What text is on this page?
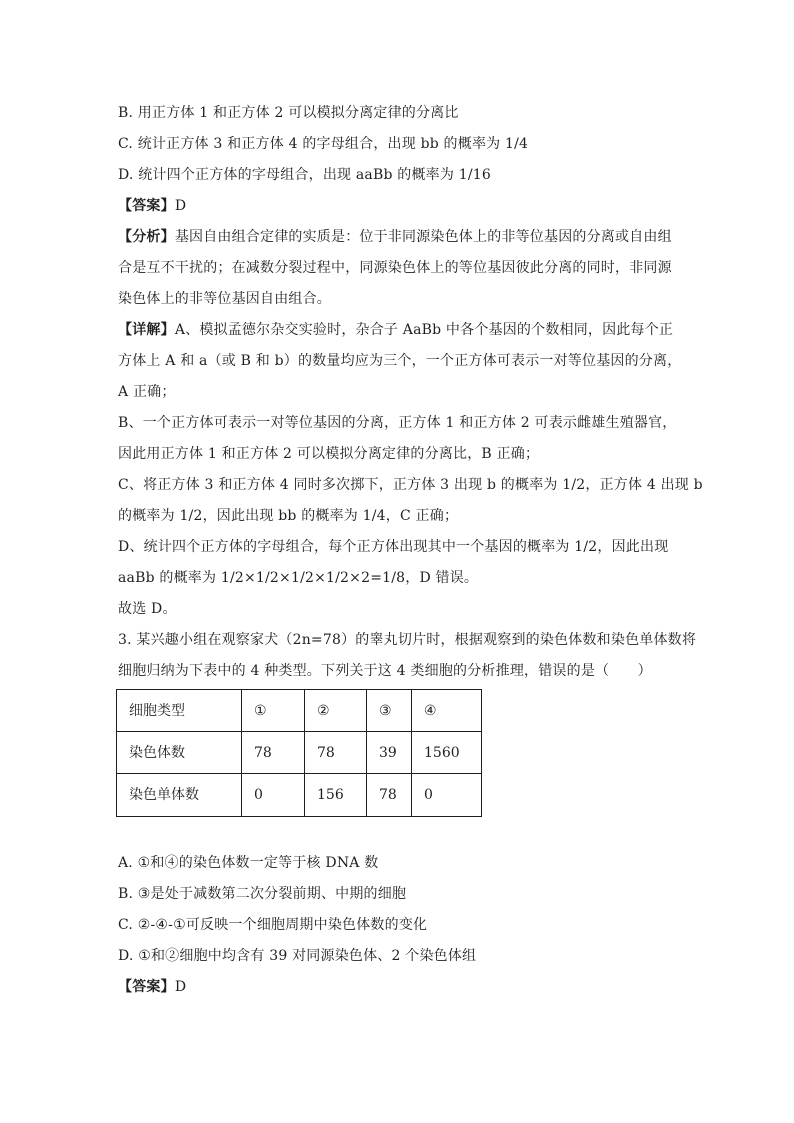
B. 用正方体 1 和正方体 2 可以模拟分离定律的分离比
C. 统计正方体 3 和正方体 4 的字母组合，出现 bb 的概率为 1/4
D. 统计四个正方体的字母组合，出现 aaBb 的概率为 1/16
【答案】D
【分析】基因自由组合定律的实质是：位于非同源染色体上的非等位基因的分离或自由组
合是互不干扰的；在减数分裂过程中，同源染色体上的等位基因彼此分离的同时，非同源
染色体上的非等位基因自由组合。
【详解】A、模拟孟德尔杂交实验时，杂合子 AaBb 中各个基因的个数相同，因此每个正
方体上 A 和 a（或 B 和 b）的数量均应为三个，一个正方体可表示一对等位基因的分离，
A 正确；
B、一个正方体可表示一对等位基因的分离，正方体 1 和正方体 2 可表示雌雄生殖器官，
因此用正方体 1 和正方体 2 可以模拟分离定律的分离比，B 正确；
C、将正方体 3 和正方体 4 同时多次掷下，正方体 3 出现 b 的概率为 1/2，正方体 4 出现 b
的概率为 1/2，因此出现 bb 的概率为 1/4，C 正确；
D、统计四个正方体的字母组合，每个正方体出现其中一个基因的概率为 1/2，因此出现
aaBb 的概率为 1/2×1/2×1/2×1/2×2=1/8，D 错误。
故选 D。
3. 某兴趣小组在观察家犬（2n=78）的睾丸切片时，根据观察到的染色体数和染色单体数将
细胞归纳为下表中的 4 种类型。下列关于这 4 类细胞的分析推理，错误的是（　　）
细胞类型	①	②	③	④
染色体数	78	78	39	1560
染色单体数	0	156	78	0
A. ①和④的染色体数一定等于核 DNA 数
B. ③是处于减数第二次分裂前期、中期的细胞
C. ②-④-①可反映一个细胞周期中染色体数的变化
D. ①和②细胞中均含有 39 对同源染色体、2 个染色体组
【答案】D
